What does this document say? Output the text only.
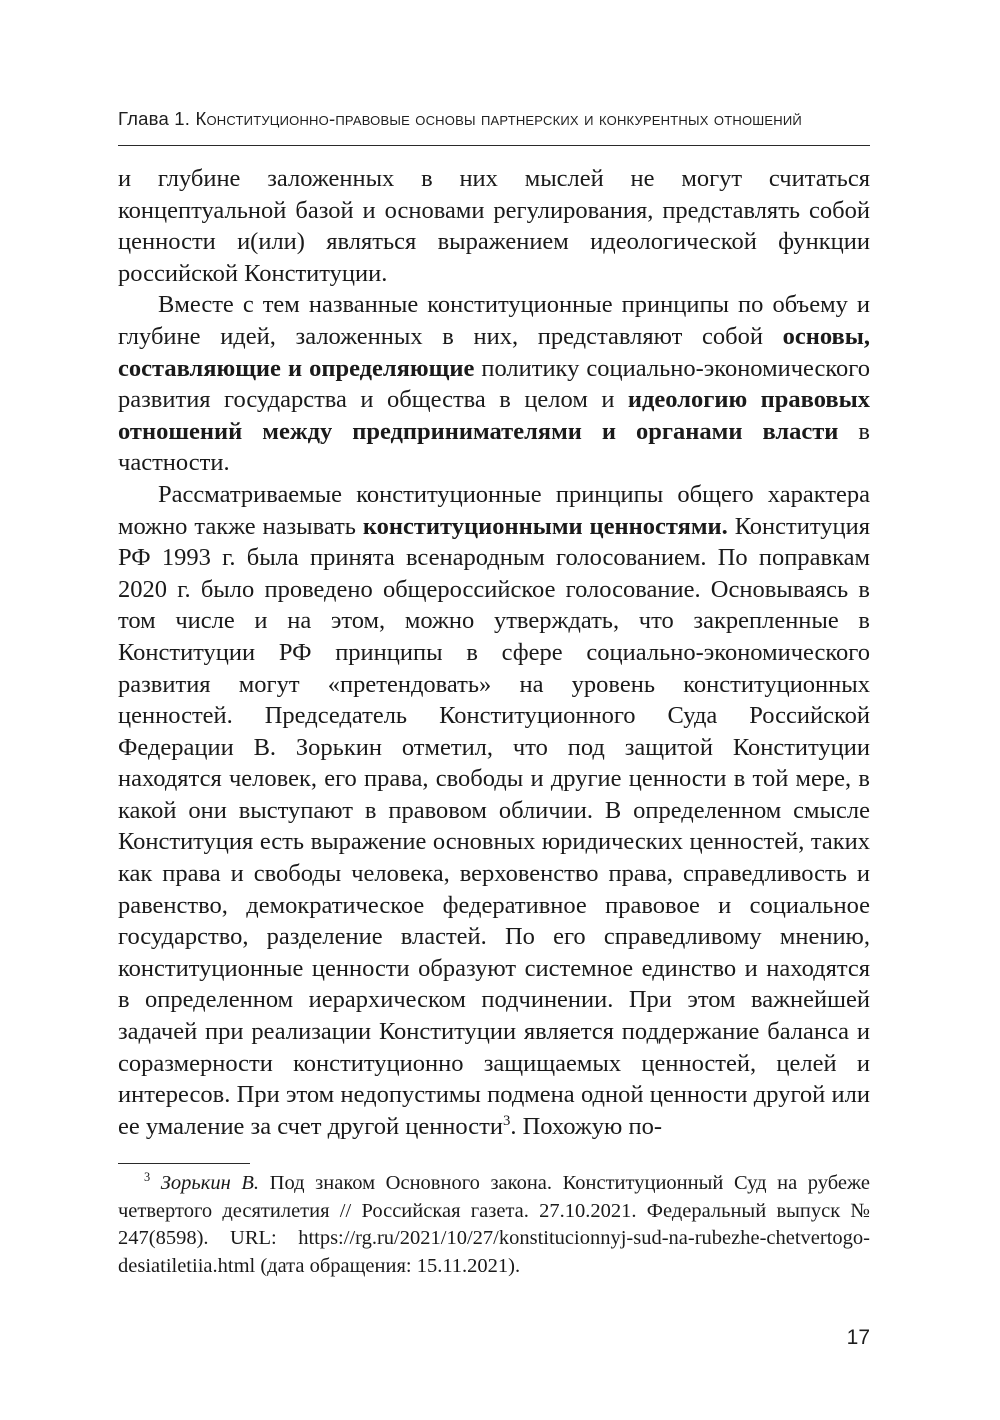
Глава 1. Конституционно-правовые основы партнерских и конкурентных отношений

и глубине заложенных в них мыслей не могут считаться концептуальной базой и основами регулирования, представлять собой ценности и(или) являться выражением идеологической функции российской Конституции.

Вместе с тем названные конституционные принципы по объему и глубине идей, заложенных в них, представляют собой основы, составляющие и определяющие политику социально-экономического развития государства и общества в целом и идеологию правовых отношений между предпринимателями и органами власти в частности.

Рассматриваемые конституционные принципы общего характера можно также называть конституционными ценностями. Конституция РФ 1993 г. была принята всенародным голосованием. По поправкам 2020 г. было проведено общероссийское голосование. Основываясь в том числе и на этом, можно утверждать, что закрепленные в Конституции РФ принципы в сфере социально-экономического развития могут «претендовать» на уровень конституционных ценностей. Председатель Конституционного Суда Российской Федерации В. Зорькин отметил, что под защитой Конституции находятся человек, его права, свободы и другие ценности в той мере, в какой они выступают в правовом обличии. В определенном смысле Конституция есть выражение основных юридических ценностей, таких как права и свободы человека, верховенство права, справедливость и равенство, демократическое федеративное правовое и социальное государство, разделение властей. По его справедливому мнению, конституционные ценности образуют системное единство и находятся в определенном иерархическом подчинении. При этом важнейшей задачей при реализации Конституции является поддержание баланса и соразмерности конституционно защищаемых ценностей, целей и интересов. При этом недопустимы подмена одной ценности другой или ее умаление за счет другой ценности$^3$. Похожую по-

$^3$ Зорькин В. Под знаком Основного закона. Конституционный Суд на рубеже четвертого десятилетия // Российская газета. 27.10.2021. Федеральный выпуск № 247(8598). URL: https://rg.ru/2021/10/27/konstitucionnyj-sud-na-rubezhe-chetvertogo-desiatiletiia.html (дата обращения: 15.11.2021).

17
